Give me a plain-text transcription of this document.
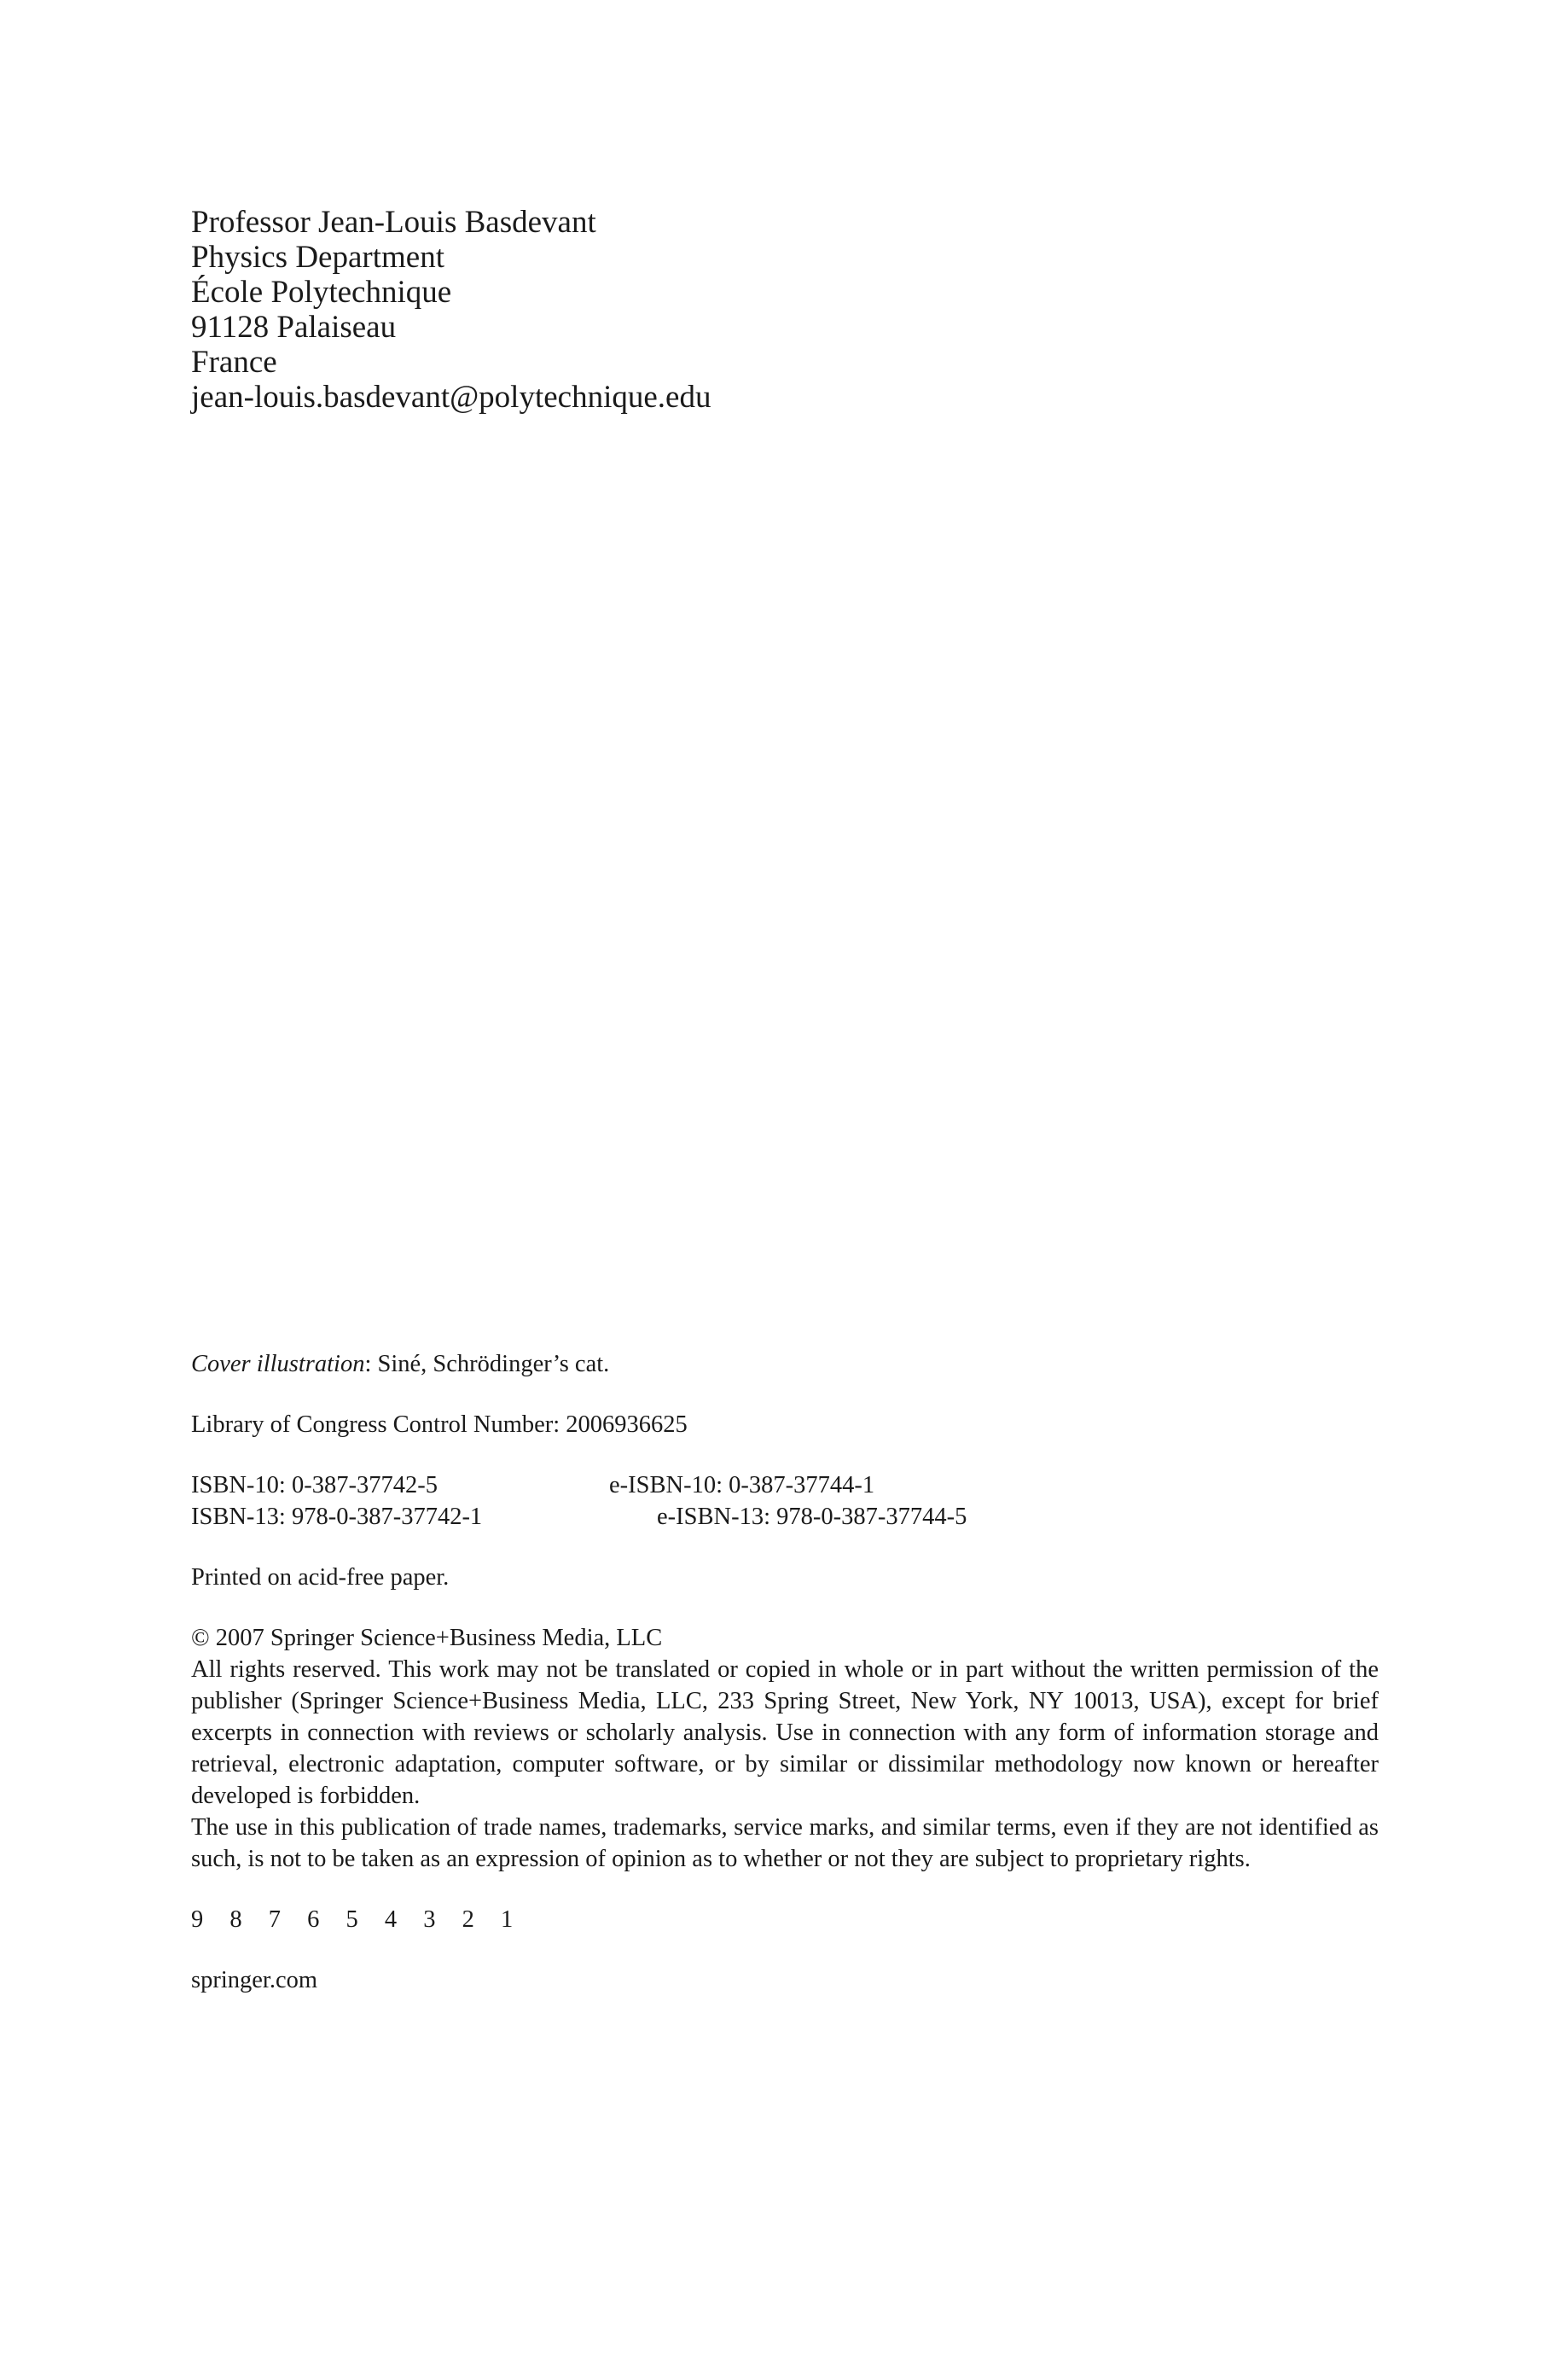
Professor Jean-Louis Basdevant
Physics Department
École Polytechnique
91128 Palaiseau
France
jean-louis.basdevant@polytechnique.edu

Cover illustration: Siné, Schrödinger’s cat.

Library of Congress Control Number: 2006936625

ISBN-10: 0-387-37742-5	e-ISBN-10: 0-387-37744-1
ISBN-13: 978-0-387-37742-1	e-ISBN-13: 978-0-387-37744-5

Printed on acid-free paper.

© 2007 Springer Science+Business Media, LLC

All rights reserved. This work may not be translated or copied in whole or in part without the written permission of the publisher (Springer Science+Business Media, LLC, 233 Spring Street, New York, NY 10013, USA), except for brief excerpts in connection with reviews or scholarly analysis. Use in connection with any form of information storage and retrieval, electronic adaptation, computer software, or by similar or dissimilar methodology now known or hereafter developed is forbidden.

The use in this publication of trade names, trademarks, service marks, and similar terms, even if they are not identified as such, is not to be taken as an expression of opinion as to whether or not they are subject to proprietary rights.

9 8 7 6 5 4 3 2 1

springer.com
